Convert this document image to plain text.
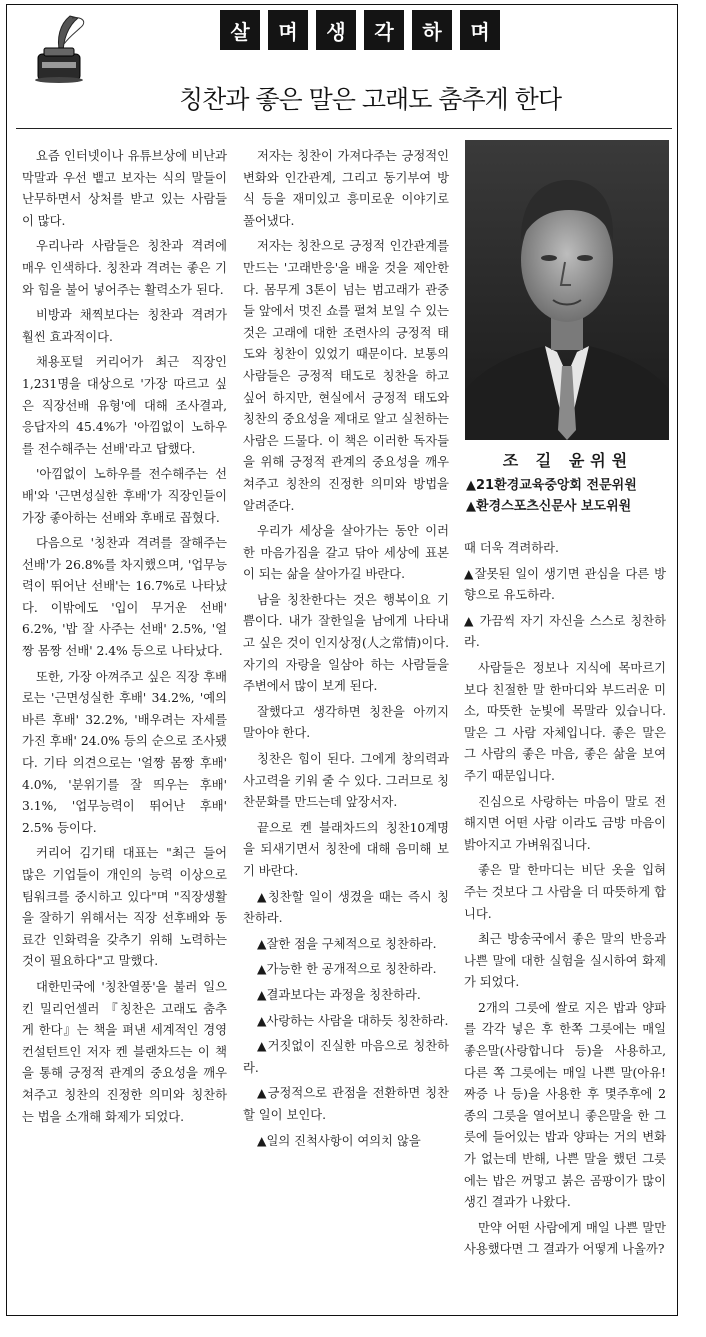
살	며	생	각	하	며
칭찬과 좋은 말은 고래도 춤추게 한다

요즘 인터넷이나 유튜브상에 비난과 막말과 우선 뱉고 보자는 식의 말들이 난무하면서 상처를 받고 있는 사람들이 많다.

우리나라 사람들은 칭찬과 격려에 매우 인색하다. 칭찬과 격려는 좋은 기와 힘을 불어 넣어주는 활력소가 된다.

비방과 채찍보다는 칭찬과 격려가 훨씬 효과적이다.

채용포털 커리어가 최근 직장인 1,231명을 대상으로 '가장 따르고 싶은 직장선배 유형'에 대해 조사결과, 응답자의 45.4%가 '아낌없이 노하우를 전수해주는 선배'라고 답했다.

'아낌없이 노하우를 전수해주는 선배'와 '근면성실한 후배'가 직장인들이 가장 좋아하는 선배와 후배로 꼽혔다.

다음으로 '칭찬과 격려를 잘해주는 선배'가 26.8%를 차지했으며, '업무능력이 뛰어난 선배'는 16.7%로 나타났다. 이밖에도 '입이 무거운 선배' 6.2%, '밥 잘 사주는 선배' 2.5%, '얼짱 몸짱 선배' 2.4% 등으로 나타났다.

또한, 가장 아껴주고 싶은 직장 후배로는 '근면성실한 후배' 34.2%, '예의바른 후배' 32.2%, '배우려는 자세를 가진 후배' 24.0% 등의 순으로 조사됐다. 기타 의견으로는 '얼짱 몸짱 후배' 4.0%, '분위기를 잘 띄우는 후배' 3.1%, '업무능력이 뛰어난 후배' 2.5% 등이다.

커리어 김기태 대표는 "최근 들어 많은 기업들이 개인의 능력 이상으로 팀워크를 중시하고 있다"며 "직장생활을 잘하기 위해서는 직장 선후배와 동료간 인화력을 갖추기 위해 노력하는 것이 필요하다"고 말했다.

대한민국에 '칭찬열풍'을 불러 일으킨 밀리언셀러 『칭찬은 고래도 춤추게 한다』는 책을 펴낸 세계적인 경영 컨설턴트인 저자 켄 블랜차드는 이 책을 통해 긍정적 관계의 중요성을 깨우쳐주고 칭찬의 진정한 의미와 칭찬하는 법을 소개해 화제가 되었다.

저자는 칭찬이 가져다주는 긍정적인 변화와 인간관계, 그리고 동기부여 방식 등을 재미있고 흥미로운 이야기로 풀어냈다.

저자는 칭찬으로 긍정적 인간관계를 만드는 '고래반응'을 배울 것을 제안한다. 몸무게 3톤이 넘는 범고래가 관중들 앞에서 멋진 쇼를 펼쳐 보일 수 있는 것은 고래에 대한 조련사의 긍정적 태도와 칭찬이 있었기 때문이다. 보통의 사람들은 긍정적 태도로 칭찬을 하고 싶어 하지만, 현실에서 긍정적 태도와 칭찬의 중요성을 제대로 알고 실천하는 사람은 드물다. 이 책은 이러한 독자들을 위해 긍정적 관계의 중요성을 깨우쳐주고 칭찬의 진정한 의미와 방법을 알려준다.

우리가 세상을 살아가는 동안 이러한 마음가짐을 갈고 닦아 세상에 표본이 되는 삶을 살아가길 바란다.

남을 칭찬한다는 것은 행복이요 기쁨이다. 내가 잘한일을 남에게 나타내고 싶은 것이 인지상정(人之常情)이다. 자기의 자랑을 일삼아 하는 사람들을 주변에서 많이 보게 된다.

잘했다고 생각하면 칭찬을 아끼지 말아야 한다.

칭찬은 힘이 된다. 그에게 창의력과 사고력을 키워 줄 수 있다. 그러므로 칭찬문화를 만드는데 앞장서자.

끝으로 켄 블래차드의 칭찬10계명을 되새기면서 칭찬에 대해 음미해 보기 바란다.

▲칭찬할 일이 생겼을 때는 즉시 칭찬하라.

▲잘한 점을 구체적으로 칭찬하라.

▲가능한 한 공개적으로 칭찬하라.

▲결과보다는 과정을 칭찬하라.

▲사랑하는 사람을 대하듯 칭찬하라.

▲거짓없이 진실한 마음으로 칭찬하라.

▲긍정적으로 관점을 전환하면 칭찬할 일이 보인다.

▲일의 진척사항이 여의치 않을

조 길 윤위원
▲21환경교육중앙회 전문위원
▲환경스포츠신문사 보도위원

때 더욱 격려하라.

▲잘못된 일이 생기면 관심을 다른 방향으로 유도하라.

▲ 가끔씩 자기 자신을 스스로 칭찬하라.

사람들은 정보나 지식에 목마르기보다 친절한 말 한마디와 부드러운 미소, 따뜻한 눈빛에 목말라 있습니다. 말은 그 사람 자체입니다. 좋은 말은 그 사람의 좋은 마음, 좋은 삶을 보여 주기 때문입니다.

진심으로 사랑하는 마음이 말로 전해지면 어떤 사람 이라도 금방 마음이 밝아지고 가벼워집니다.

좋은 말 한마디는 비단 옷을 입혀 주는 것보다 그 사람을 더 따뜻하게 합니다.

최근 방송국에서 좋은 말의 반응과 나쁜 말에 대한 실험을 실시하여 화제가 되었다.

2개의 그릇에 쌀로 지은 밥과 양파를 각각 넣은 후 한쪽 그릇에는 매일 좋은말(사랑합니다 등)을 사용하고, 다른 쪽 그릇에는 매일 나쁜 말(아유! 짜증 나 등)을 사용한 후 몇주후에 2종의 그릇을 열어보니 좋은말을 한 그릇에 들어있는 밥과 양파는 거의 변화가 없는데 반해, 나쁜 말을 했던 그릇에는 밥은 꺼멓고 붉은 곰팡이가 많이 생긴 결과가 나왔다.

만약 어떤 사람에게 매일 나쁜 말만 사용했다면 그 결과가 어떻게 나올까?
